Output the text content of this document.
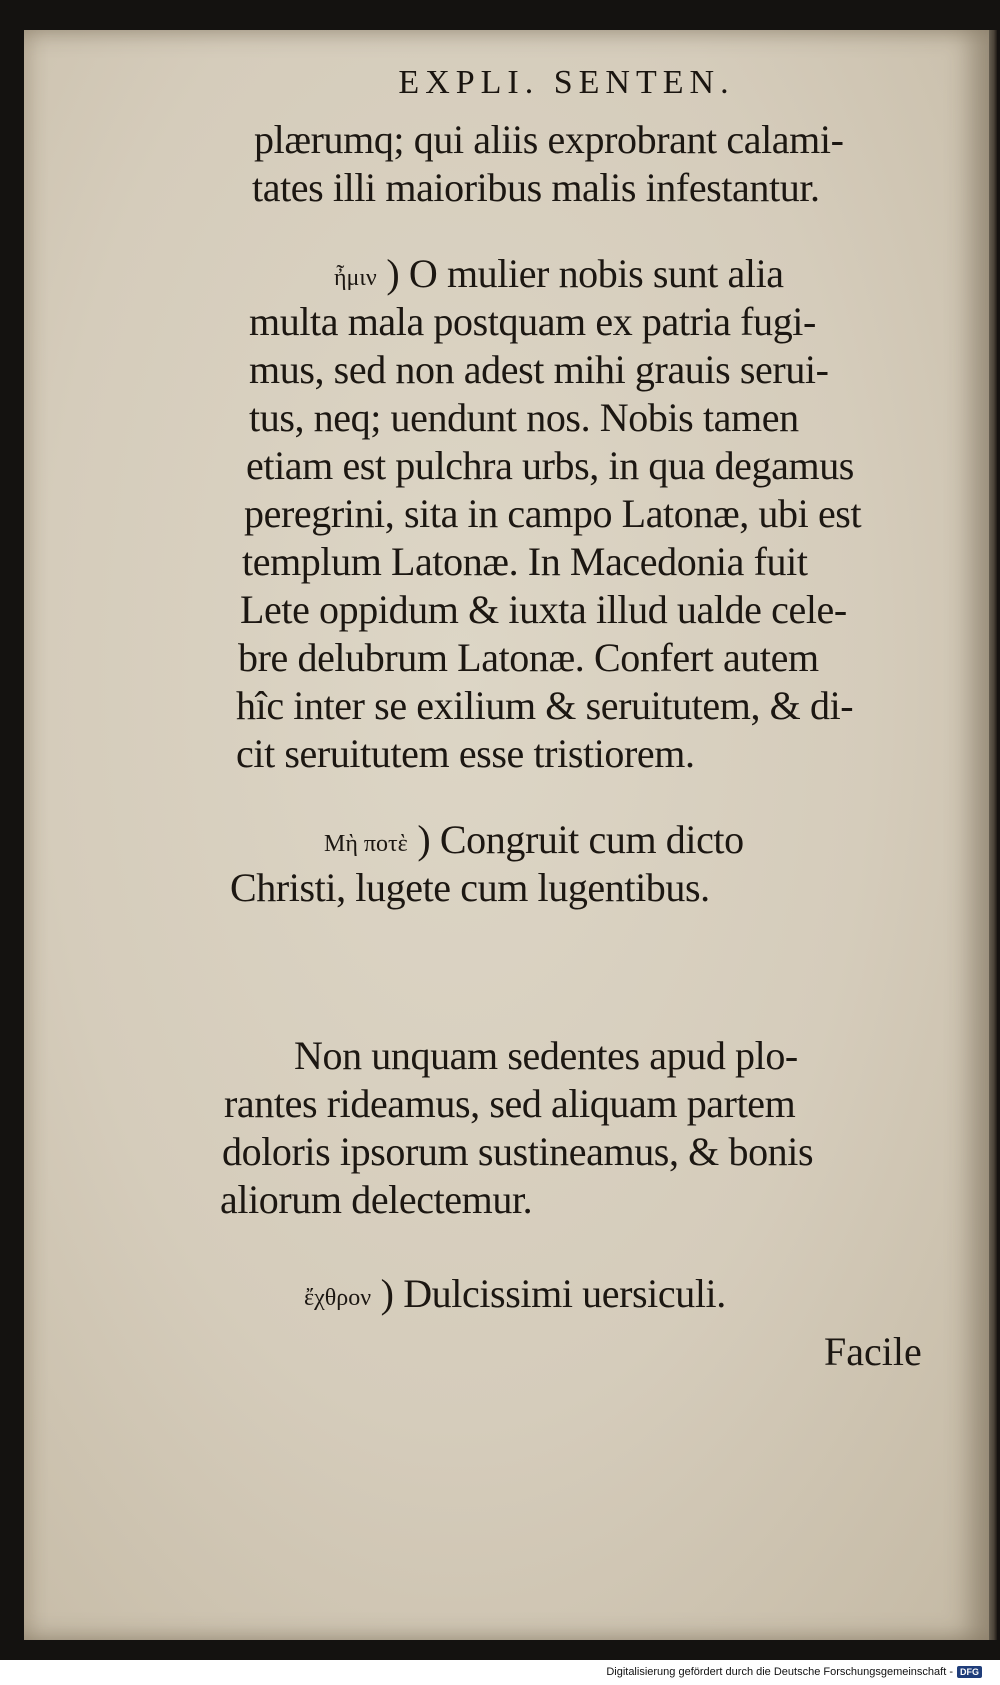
EXPLI. SENTEN.
plærumq; qui aliis exprobrant calami-
tates illi maioribus malis infestantur.
ἦμιν ) O mulier nobis sunt alia
multa mala postquam ex patria fugi-
mus, sed non adest mihi grauis serui-
tus, neq; uendunt nos. Nobis tamen
etiam est pulchra urbs, in qua degamus
peregrini, sita in campo Latonæ, ubi est
templum Latonæ. In Macedonia fuit
Lete oppidum & iuxta illud ualde cele-
bre delubrum Latonæ. Confert autem
hîc inter se exilium & seruitutem, & di-
cit seruitutem esse tristiorem.
Μὴ ποτὲ ) Congruit cum dicto
Christi, lugete cum lugentibus.
Non unquam sedentes apud plo-
rantes rideamus, sed aliquam partem
doloris ipsorum sustineamus, & bonis
aliorum delectemur.
ἔχθρον ) Dulcissimi uersiculi.
Facile
Digitalisierung gefördert durch die Deutsche Forschungsgemeinschaft - DFG
